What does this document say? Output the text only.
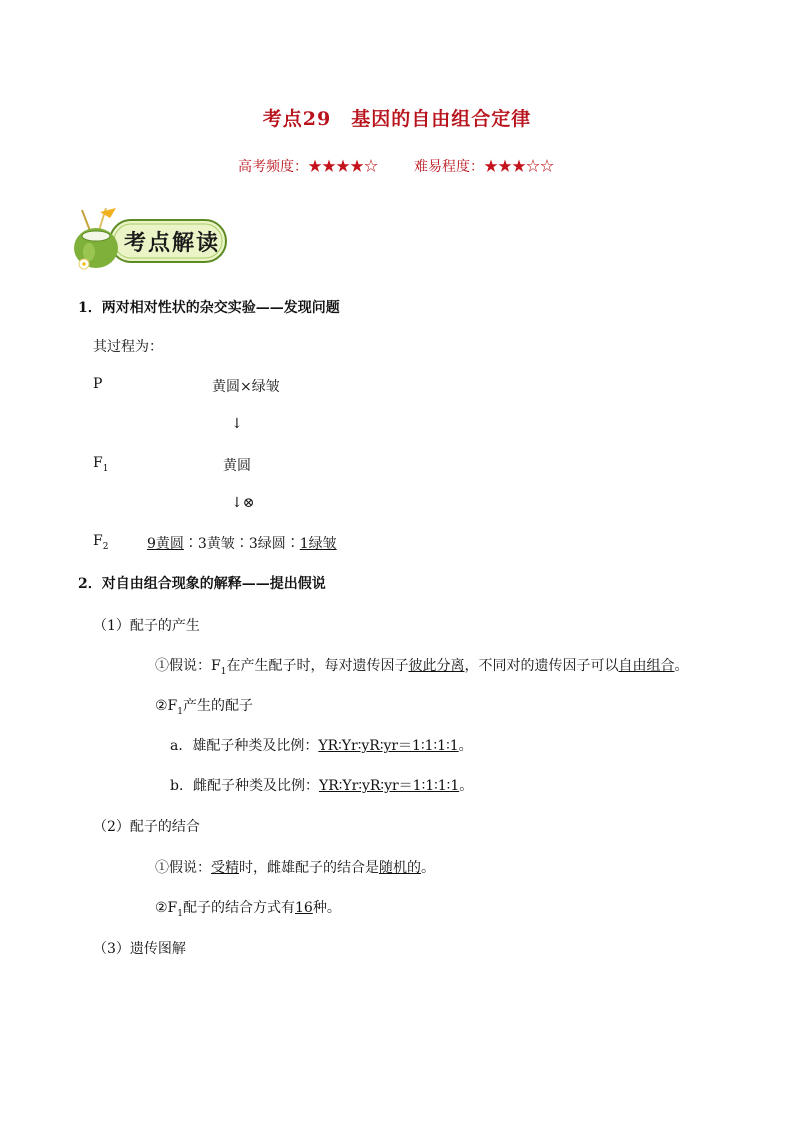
考点29　基因的自由组合定律
高考频度：★★★★☆	难易程度：★★★☆☆
考点解读
1．两对相对性状的杂交实验——发现问题
其过程为：
P	黄圆×绿皱
↓
$F_1$	黄圆
↓⊗
$F_2$	9黄圆∶3黄皱∶3绿圆∶1绿皱
2．对自由组合现象的解释——提出假说
（1）配子的产生
①假说：$F_1$在产生配子时，每对遗传因子彼此分离，不同对的遗传因子可以自由组合。
$②F_1$产生的配子
a．雄配子种类及比例：YR∶Yr∶yR∶yr＝1∶1∶1∶1。
b．雌配子种类及比例：YR∶Yr∶yR∶yr＝1∶1∶1∶1。
（2）配子的结合
①假说：受精时，雌雄配子的结合是随机的。
$②F_1$配子的结合方式有16种。
（3）遗传图解
